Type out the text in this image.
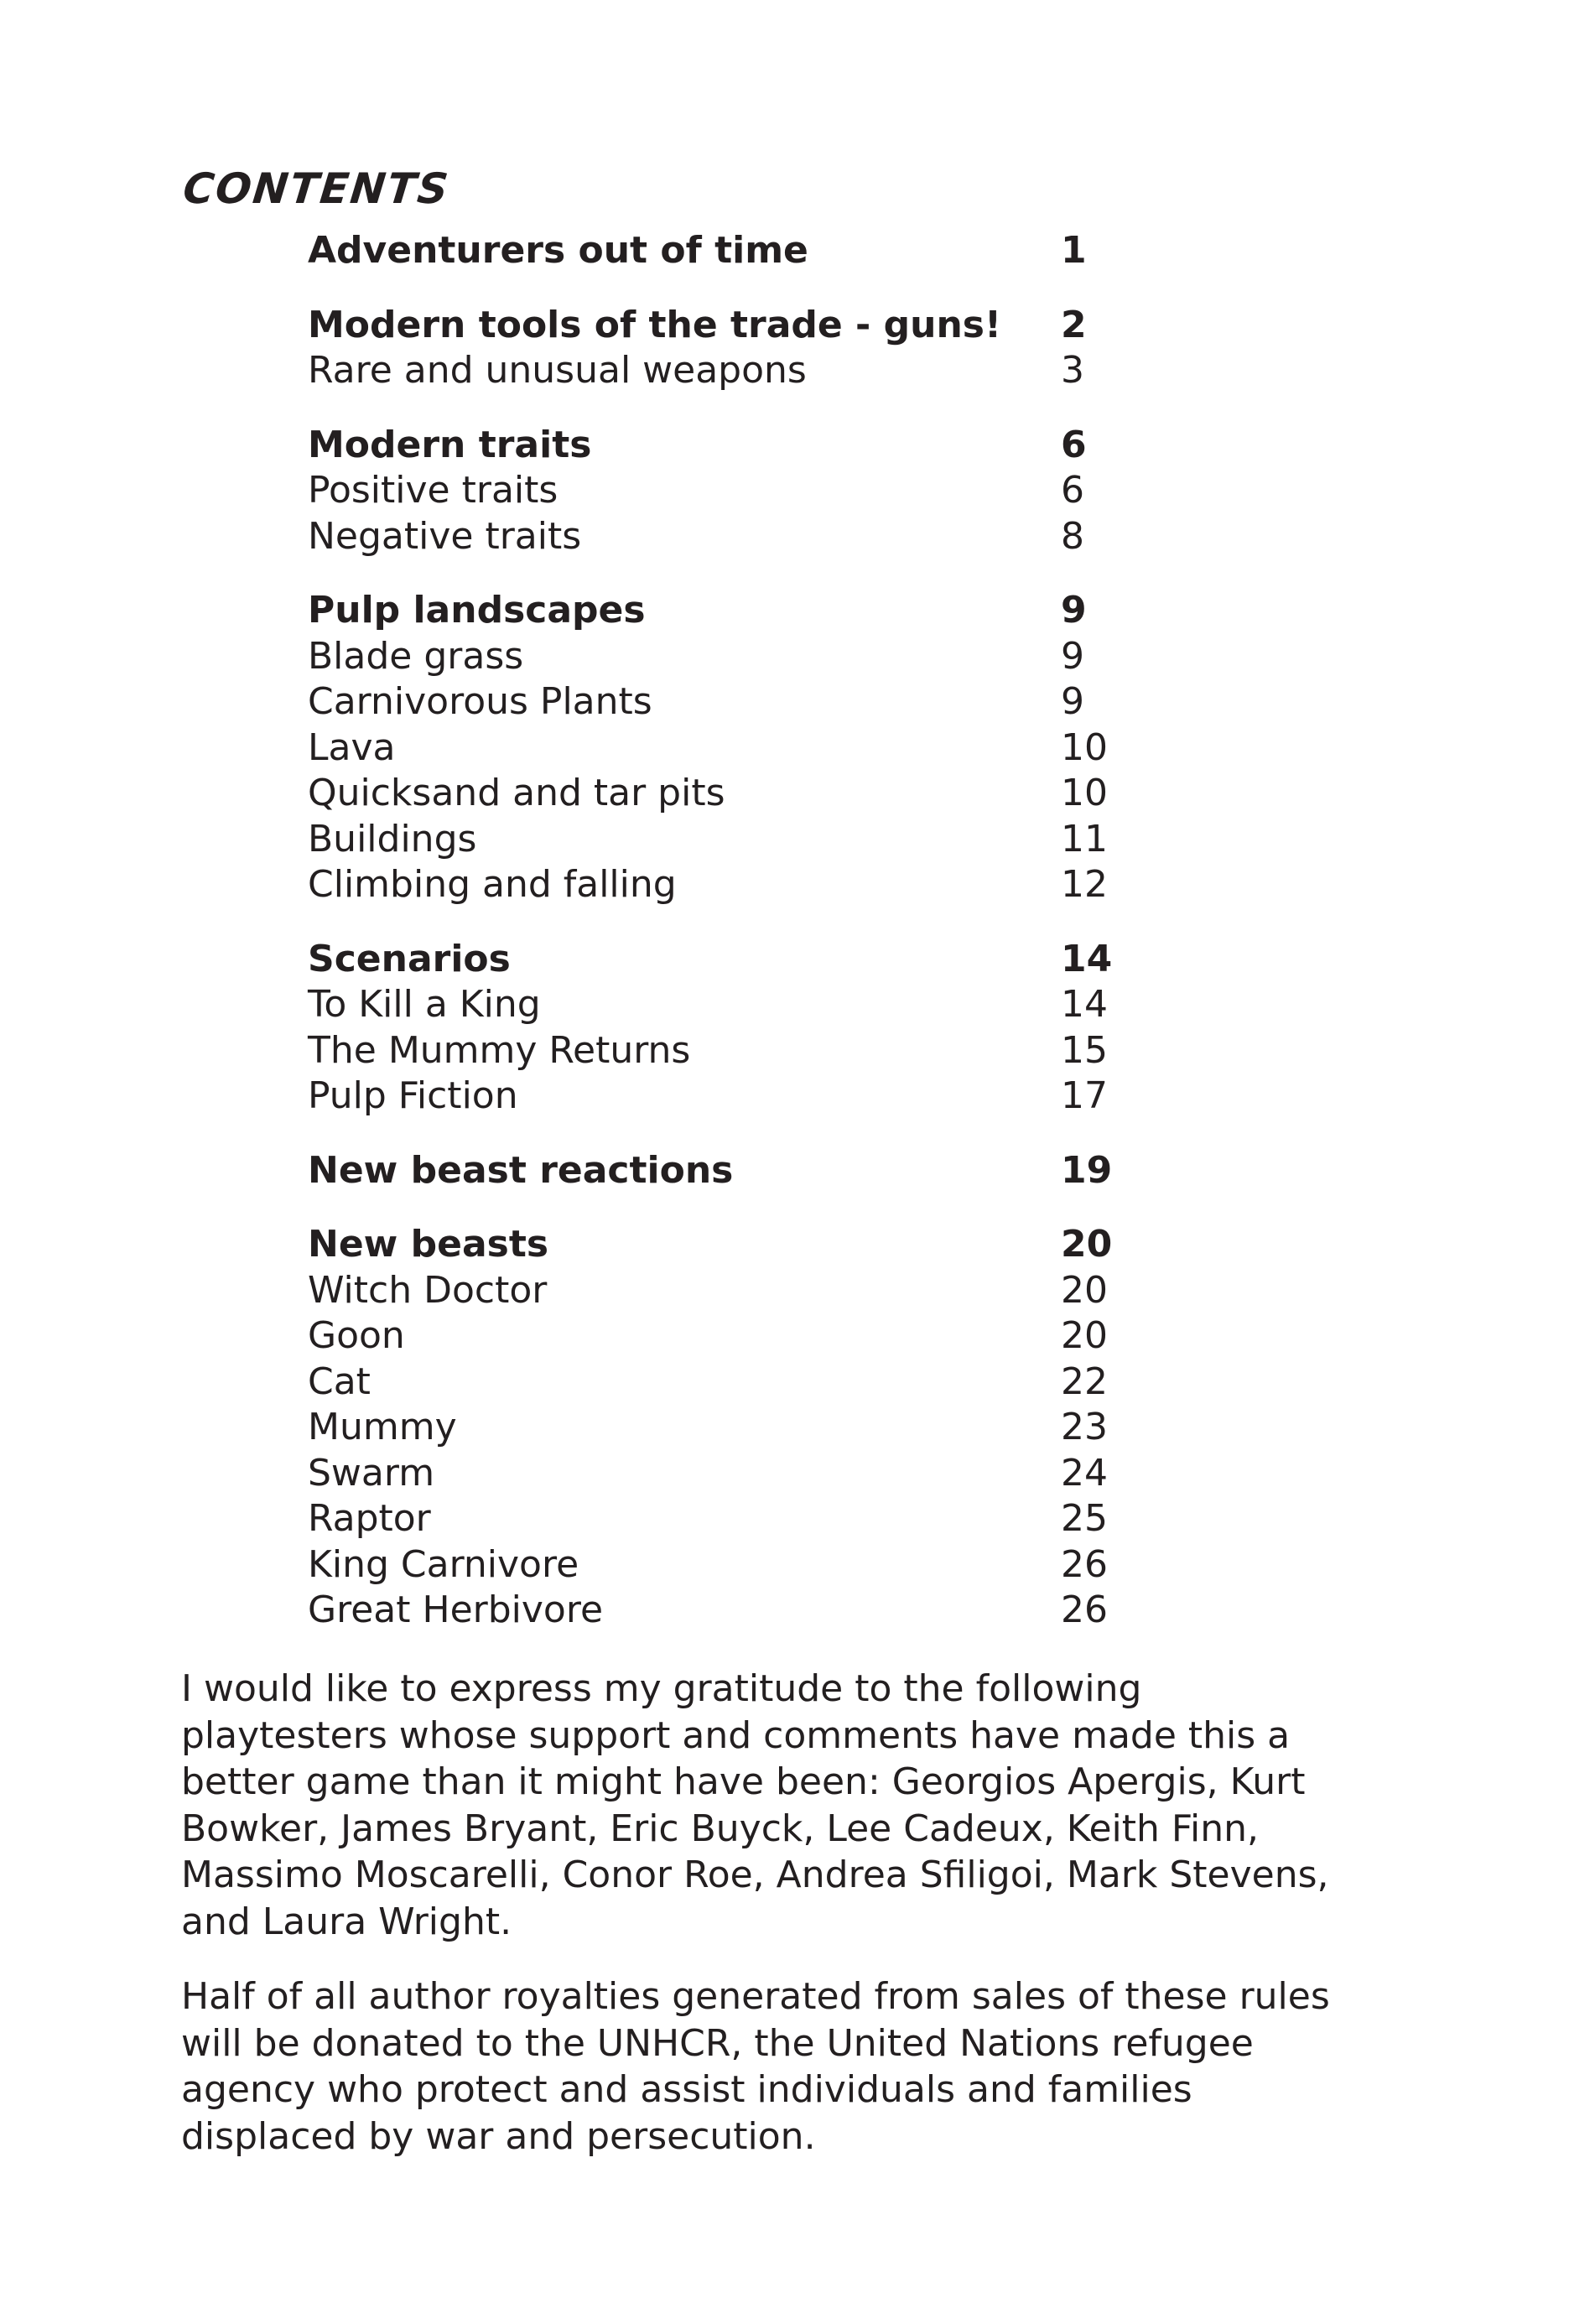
CONTENTS
Adventurers out of time	1
Modern tools of the trade - guns! 2
Rare and unusual weapons	3
Modern traits	6
Positive traits	6
Negative traits	8
Pulp landscapes	9
Blade grass	9
Carnivorous Plants	9
Lava	10
Quicksand and tar pits	10
Buildings	11
Climbing and falling	12
Scenarios	14
To Kill a King	14
The Mummy Returns	15
Pulp Fiction	17
New beast reactions	19
New beasts	20
Witch Doctor	20
Goon	20
Cat	22
Mummy	23
Swarm	24
Raptor	25
King Carnivore	26
Great Herbivore	26

I would like to express my gratitude to the following playtesters whose support and comments have made this a better game than it might have been: Georgios Apergis, Kurt Bowker, James Bryant, Eric Buyck, Lee Cadeux, Keith Finn, Massimo Moscarelli, Conor Roe, Andrea Sfiligoi, Mark Stevens, and Laura Wright.

Half of all author royalties generated from sales of these rules will be donated to the UNHCR, the United Nations refugee agency who protect and assist individuals and families displaced by war and persecution.
